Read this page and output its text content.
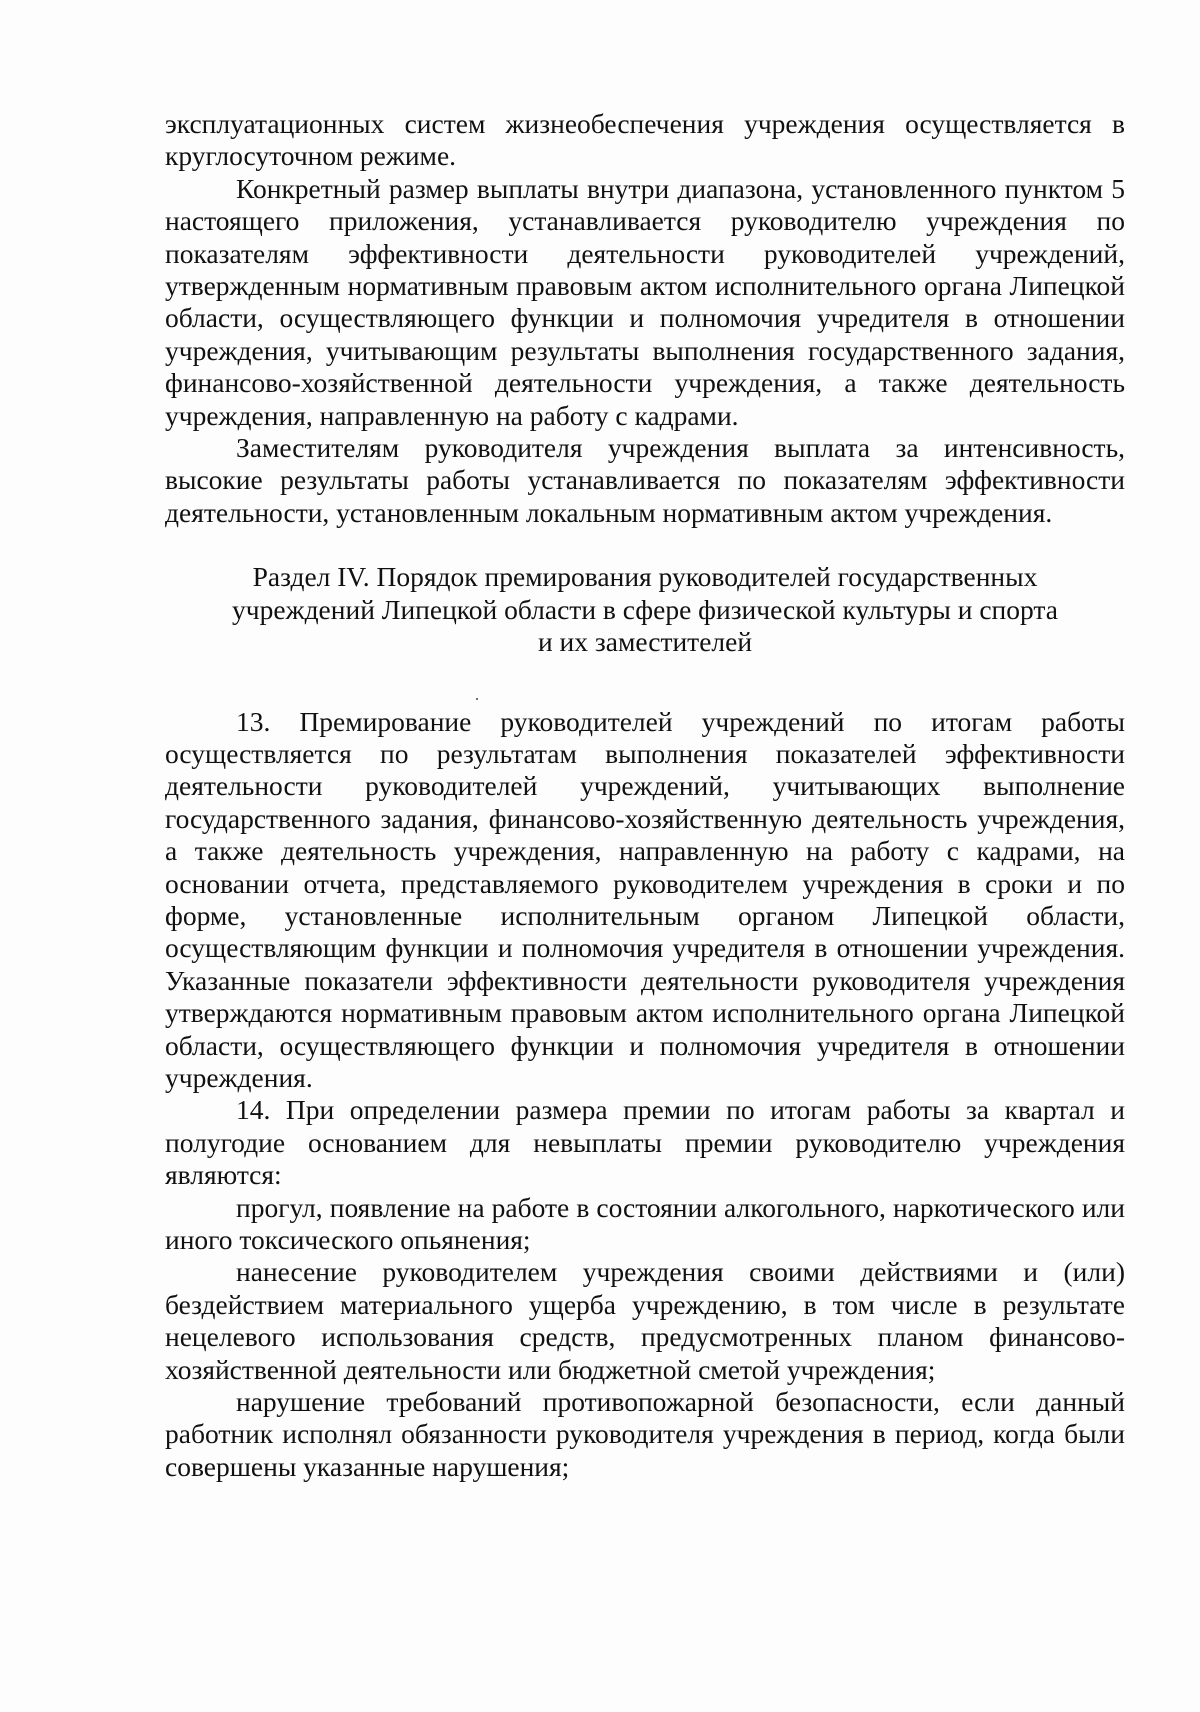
эксплуатационных систем жизнеобеспечения учреждения осуществляется в круглосуточном режиме.

Конкретный размер выплаты внутри диапазона, установленного пунктом 5 настоящего приложения, устанавливается руководителю учреждения по показателям эффективности деятельности руководителей учреждений, утвержденным нормативным правовым актом исполнительного органа Липецкой области, осуществляющего функции и полномочия учредителя в отношении учреждения, учитывающим результаты выполнения государственного задания, финансово-хозяйственной деятельности учреждения, а также деятельность учреждения, направленную на работу с кадрами.

Заместителям руководителя учреждения выплата за интенсивность, высокие результаты работы устанавливается по показателям эффективности деятельности, установленным локальным нормативным актом учреждения.

Раздел IV. Порядок премирования руководителей государственных
учреждений Липецкой области в сфере физической культуры и спорта
и их заместителей

13. Премирование руководителей учреждений по итогам работы осуществляется по результатам выполнения показателей эффективности деятельности руководителей учреждений, учитывающих выполнение государственного задания, финансово-хозяйственную деятельность учреждения, а также деятельность учреждения, направленную на работу с кадрами, на основании отчета, представляемого руководителем учреждения в сроки и по форме, установленные исполнительным органом Липецкой области, осуществляющим функции и полномочия учредителя в отношении учреждения. Указанные показатели эффективности деятельности руководителя учреждения утверждаются нормативным правовым актом исполнительного органа Липецкой области, осуществляющего функции и полномочия учредителя в отношении учреждения.

14. При определении размера премии по итогам работы за квартал и полугодие основанием для невыплаты премии руководителю учреждения являются:

прогул, появление на работе в состоянии алкогольного, наркотического или иного токсического опьянения;

нанесение руководителем учреждения своими действиями и (или) бездействием материального ущерба учреждению, в том числе в результате нецелевого использования средств, предусмотренных планом финансово-хозяйственной деятельности или бюджетной сметой учреждения;

нарушение требований противопожарной безопасности, если данный работник исполнял обязанности руководителя учреждения в период, когда были совершены указанные нарушения;
